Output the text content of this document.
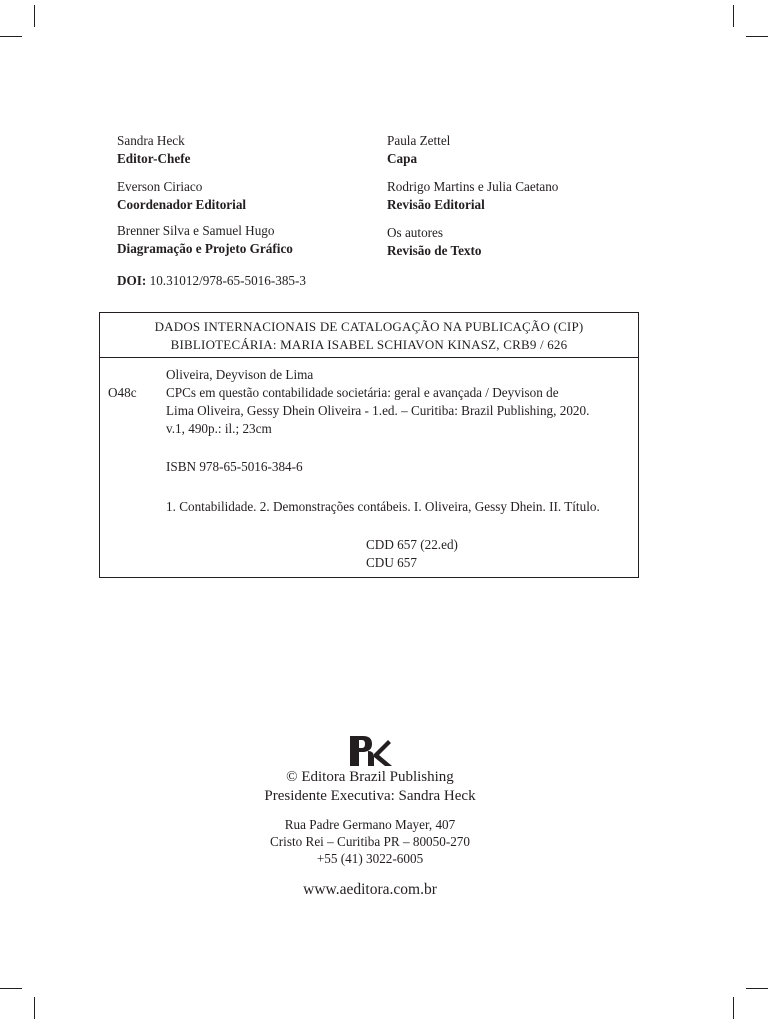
Sandra Heck
Editor-Chefe
Everson Ciriaco
Coordenador Editorial
Brenner Silva e Samuel Hugo
Diagramação e Projeto Gráfico
Paula Zettel
Capa
Rodrigo Martins e Julia Caetano
Revisão Editorial
Os autores
Revisão de Texto
DOI: 10.31012/978-65-5016-385-3
DADOS INTERNACIONAIS DE CATALOGAÇÃO NA PUBLICAÇÃO (CIP)
BIBLIOTECÁRIA: MARIA ISABEL SCHIAVON KINASZ, CRB9 / 626
O48c
Oliveira, Deyvison de Lima
CPCs em questão contabilidade societária: geral e avançada / Deyvison de
Lima Oliveira, Gessy Dhein Oliveira - 1.ed. – Curitiba: Brazil Publishing, 2020.
v.1, 490p.: il.; 23cm
ISBN 978-65-5016-384-6
1. Contabilidade. 2. Demonstrações contábeis. I. Oliveira, Gessy Dhein. II. Título.
CDD 657 (22.ed)
CDU 657
© Editora Brazil Publishing
Presidente Executiva: Sandra Heck
Rua Padre Germano Mayer, 407
Cristo Rei – Curitiba PR – 80050-270
+55 (41) 3022-6005
www.aeditora.com.br
